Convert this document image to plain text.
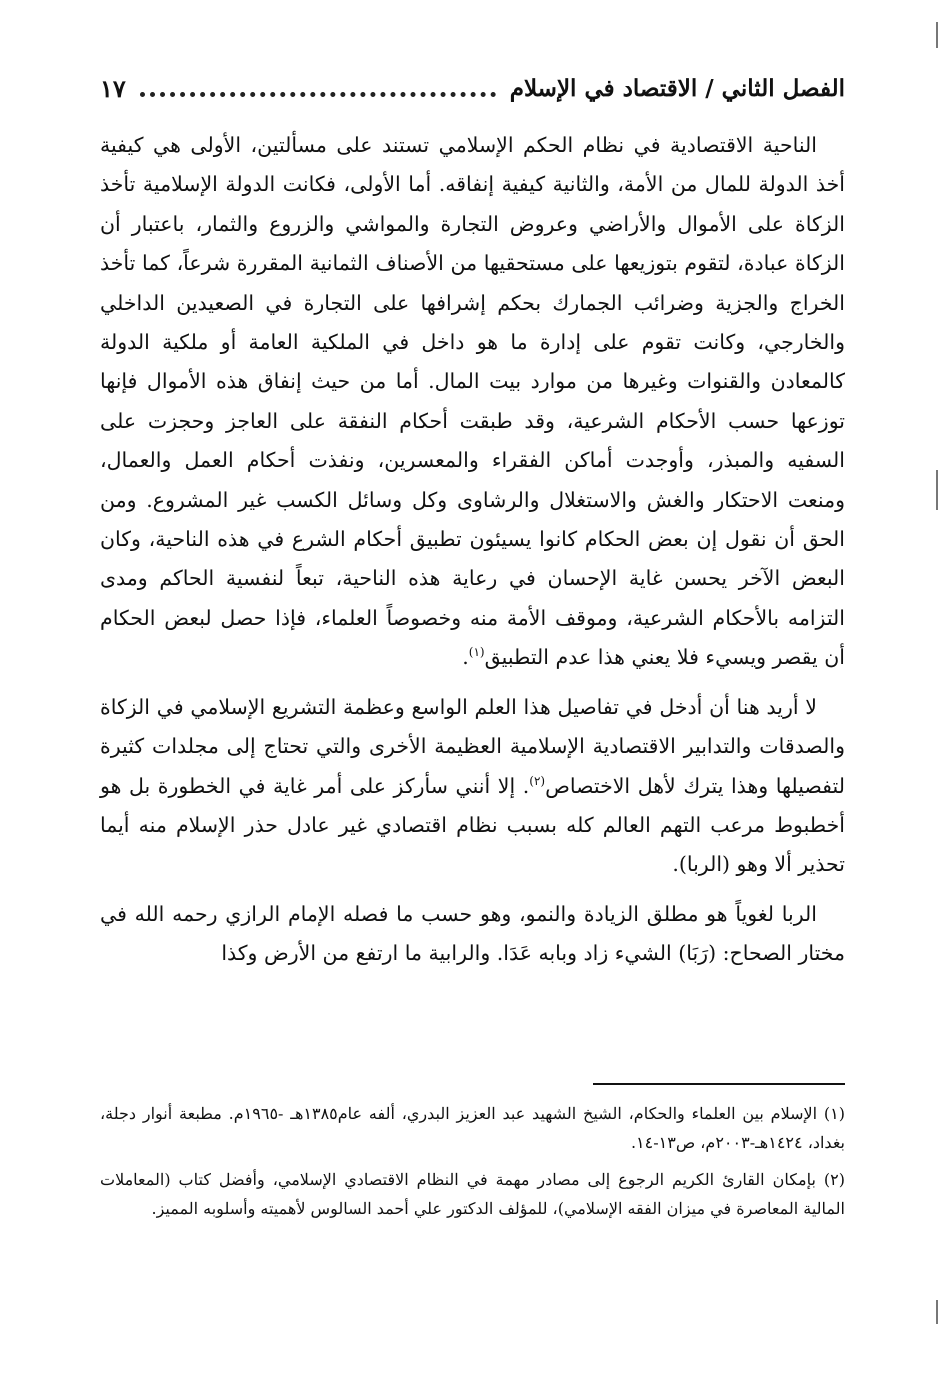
الفصل الثاني / الاقتصاد في الإسلام
١٧

الناحية الاقتصادية في نظام الحكم الإسلامي تستند على مسألتين، الأولى هي كيفية أخذ الدولة للمال من الأمة، والثانية كيفية إنفاقه. أما الأولى، فكانت الدولة الإسلامية تأخذ الزكاة على الأموال والأراضي وعروض التجارة والمواشي والزروع والثمار، باعتبار أن الزكاة عبادة، لتقوم بتوزيعها على مستحقيها من الأصناف الثمانية المقررة شرعاً، كما تأخذ الخراج والجزية وضرائب الجمارك بحكم إشرافها على التجارة في الصعيدين الداخلي والخارجي، وكانت تقوم على إدارة ما هو داخل في الملكية العامة أو ملكية الدولة كالمعادن والقنوات وغيرها من موارد بيت المال. أما من حيث إنفاق هذه الأموال فإنها توزعها حسب الأحكام الشرعية، وقد طبقت أحكام النفقة على العاجز وحجزت على السفيه والمبذر، وأوجدت أماكن الفقراء والمعسرين، ونفذت أحكام العمل والعمال، ومنعت الاحتكار والغش والاستغلال والرشاوى وكل وسائل الكسب غير المشروع. ومن الحق أن نقول إن بعض الحكام كانوا يسيئون تطبيق أحكام الشرع في هذه الناحية، وكان البعض الآخر يحسن غاية الإحسان في رعاية هذه الناحية، تبعاً لنفسية الحاكم ومدى التزامه بالأحكام الشرعية، وموقف الأمة منه وخصوصاً العلماء، فإذا حصل لبعض الحكام أن يقصر ويسيء فلا يعني هذا عدم التطبيق$^{(١)}$.

لا أريد هنا أن أدخل في تفاصيل هذا العلم الواسع وعظمة التشريع الإسلامي في الزكاة والصدقات والتدابير الاقتصادية الإسلامية العظيمة الأخرى والتي تحتاج إلى مجلدات كثيرة لتفصيلها وهذا يترك لأهل الاختصاص$^{(٢)}$. إلا أنني سأركز على أمر غاية في الخطورة بل هو أخطبوط مرعب التهم العالم كله بسبب نظام اقتصادي غير عادل حذر الإسلام منه أيما تحذير ألا وهو (الربا).

الربا لغوياً هو مطلق الزيادة والنمو، وهو حسب ما فصله الإمام الرازي رحمه الله في مختار الصحاح: (رَبَا) الشيء زاد وبابه عَدَا. والرابية ما ارتفع من الأرض وكذا

(١) الإسلام بين العلماء والحكام، الشيخ الشهيد عبد العزيز البدري، ألفه عام١٣٨٥هـ -١٩٦٥م. مطبعة أنوار دجلة، بغداد، ١٤٢٤هـ-٢٠٠٣م، ص١٣-١٤.

(٢) بإمكان القارئ الكريم الرجوع إلى مصادر مهمة في النظام الاقتصادي الإسلامي، وأفضل كتاب (المعاملات المالية المعاصرة في ميزان الفقه الإسلامي)، للمؤلف الدكتور علي أحمد السالوس لأهميته وأسلوبه المميز.
